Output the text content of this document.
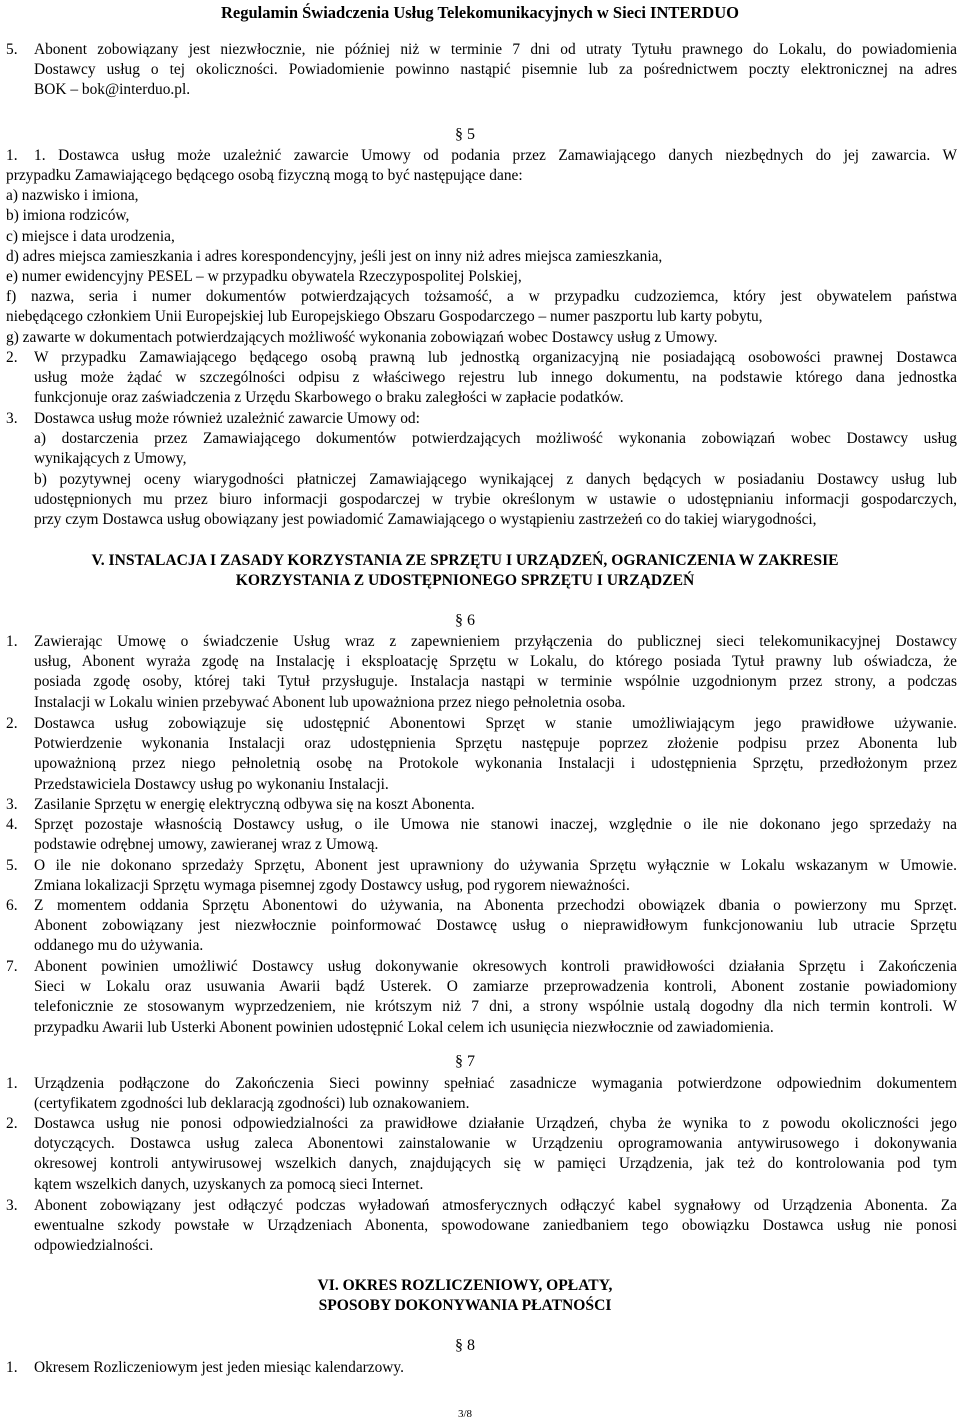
Regulamin Świadczenia Usług Telekomunikacyjnych w Sieci INTERDUO
5. Abonent zobowiązany jest niezwłocznie, nie później niż w terminie 7 dni od utraty Tytułu prawnego do Lokalu, do powiadomienia
Dostawcy usług o tej okoliczności. Powiadomienie powinno nastąpić pisemnie lub za pośrednictwem poczty elektronicznej na adres
BOK – bok@interduo.pl.
§ 5
1. 1. Dostawca usług może uzależnić zawarcie Umowy od podania przez Zamawiającego danych niezbędnych do jej zawarcia. W
przypadku Zamawiającego będącego osobą fizyczną mogą to być następujące dane:
a) nazwisko i imiona,
b) imiona rodziców,
c) miejsce i data urodzenia,
d) adres miejsca zamieszkania i adres korespondencyjny, jeśli jest on inny niż adres miejsca zamieszkania,
e) numer ewidencyjny PESEL – w przypadku obywatela Rzeczypospolitej Polskiej,
f) nazwa, seria i numer dokumentów potwierdzających tożsamość, a w przypadku cudzoziemca, który jest obywatelem państwa
niebędącego członkiem Unii Europejskiej lub Europejskiego Obszaru Gospodarczego – numer paszportu lub karty pobytu,
g) zawarte w dokumentach potwierdzających możliwość wykonania zobowiązań wobec Dostawcy usług z Umowy.
2. W przypadku Zamawiającego będącego osobą prawną lub jednostką organizacyjną nie posiadającą osobowości prawnej Dostawca
usług może żądać w szczególności odpisu z właściwego rejestru lub innego dokumentu, na podstawie którego dana jednostka
funkcjonuje oraz zaświadczenia z Urzędu Skarbowego o braku zaległości w zapłacie podatków.
3. Dostawca usług może również uzależnić zawarcie Umowy od:
a) dostarczenia przez Zamawiającego dokumentów potwierdzających możliwość wykonania zobowiązań wobec Dostawcy usług
wynikających z Umowy,
b) pozytywnej oceny wiarygodności płatniczej Zamawiającego wynikającej z danych będących w posiadaniu Dostawcy usług lub
udostępnionych mu przez biuro informacji gospodarczej w trybie określonym w ustawie o udostępnianiu informacji gospodarczych,
przy czym Dostawca usług obowiązany jest powiadomić Zamawiającego o wystąpieniu zastrzeżeń co do takiej wiarygodności,
V. INSTALACJA I ZASADY KORZYSTANIA ZE SPRZĘTU I URZĄDZEŃ, OGRANICZENIA W ZAKRESIE
KORZYSTANIA Z UDOSTĘPNIONEGO SPRZĘTU I URZĄDZEŃ
§ 6
1. Zawierając Umowę o świadczenie Usług wraz z zapewnieniem przyłączenia do publicznej sieci telekomunikacyjnej Dostawcy
usług, Abonent wyraża zgodę na Instalację i eksploatację Sprzętu w Lokalu, do którego posiada Tytuł prawny lub oświadcza, że
posiada zgodę osoby, której taki Tytuł przysługuje. Instalacja nastąpi w terminie wspólnie uzgodnionym przez strony, a podczas
Instalacji w Lokalu winien przebywać Abonent lub upoważniona przez niego pełnoletnia osoba.
2. Dostawca usług zobowiązuje się udostępnić Abonentowi Sprzęt w stanie umożliwiającym jego prawidłowe używanie.
Potwierdzenie wykonania Instalacji oraz udostępnienia Sprzętu następuje poprzez złożenie podpisu przez Abonenta lub
upoważnioną przez niego pełnoletnią osobę na Protokole wykonania Instalacji i udostępnienia Sprzętu, przedłożonym przez
Przedstawiciela Dostawcy usług po wykonaniu Instalacji.
3. Zasilanie Sprzętu w energię elektryczną odbywa się na koszt Abonenta.
4. Sprzęt pozostaje własnością Dostawcy usług, o ile Umowa nie stanowi inaczej, względnie o ile nie dokonano jego sprzedaży na
podstawie odrębnej umowy, zawieranej wraz z Umową.
5. O ile nie dokonano sprzedaży Sprzętu, Abonent jest uprawniony do używania Sprzętu wyłącznie w Lokalu wskazanym w Umowie.
Zmiana lokalizacji Sprzętu wymaga pisemnej zgody Dostawcy usług, pod rygorem nieważności.
6. Z momentem oddania Sprzętu Abonentowi do używania, na Abonenta przechodzi obowiązek dbania o powierzony mu Sprzęt.
Abonent zobowiązany jest niezwłocznie poinformować Dostawcę usług o nieprawidłowym funkcjonowaniu lub utracie Sprzętu
oddanego mu do używania.
7. Abonent powinien umożliwić Dostawcy usług dokonywanie okresowych kontroli prawidłowości działania Sprzętu i Zakończenia
Sieci w Lokalu oraz usuwania Awarii bądź Usterek. O zamiarze przeprowadzenia kontroli, Abonent zostanie powiadomiony
telefonicznie ze stosowanym wyprzedzeniem, nie krótszym niż 7 dni, a strony wspólnie ustalą dogodny dla nich termin kontroli. W
przypadku Awarii lub Usterki Abonent powinien udostępnić Lokal celem ich usunięcia niezwłocznie od zawiadomienia.
§ 7
1. Urządzenia podłączone do Zakończenia Sieci powinny spełniać zasadnicze wymagania potwierdzone odpowiednim dokumentem
(certyfikatem zgodności lub deklaracją zgodności) lub oznakowaniem.
2. Dostawca usług nie ponosi odpowiedzialności za prawidłowe działanie Urządzeń, chyba że wynika to z powodu okoliczności jego
dotyczących. Dostawca usług zaleca Abonentowi zainstalowanie w Urządzeniu oprogramowania antywirusowego i dokonywania
okresowej kontroli antywirusowej wszelkich danych, znajdujących się w pamięci Urządzenia, jak też do kontrolowania pod tym
kątem wszelkich danych, uzyskanych za pomocą sieci Internet.
3. Abonent zobowiązany jest odłączyć podczas wyładowań atmosferycznych odłączyć kabel sygnałowy od Urządzenia Abonenta. Za
ewentualne szkody powstałe w Urządzeniach Abonenta, spowodowane zaniedbaniem tego obowiązku Dostawca usług nie ponosi
odpowiedzialności.
VI. OKRES ROZLICZENIOWY, OPŁATY,
SPOSOBY DOKONYWANIA PŁATNOŚCI
§ 8
1. Okresem Rozliczeniowym jest jeden miesiąc kalendarzowy.
3/8
